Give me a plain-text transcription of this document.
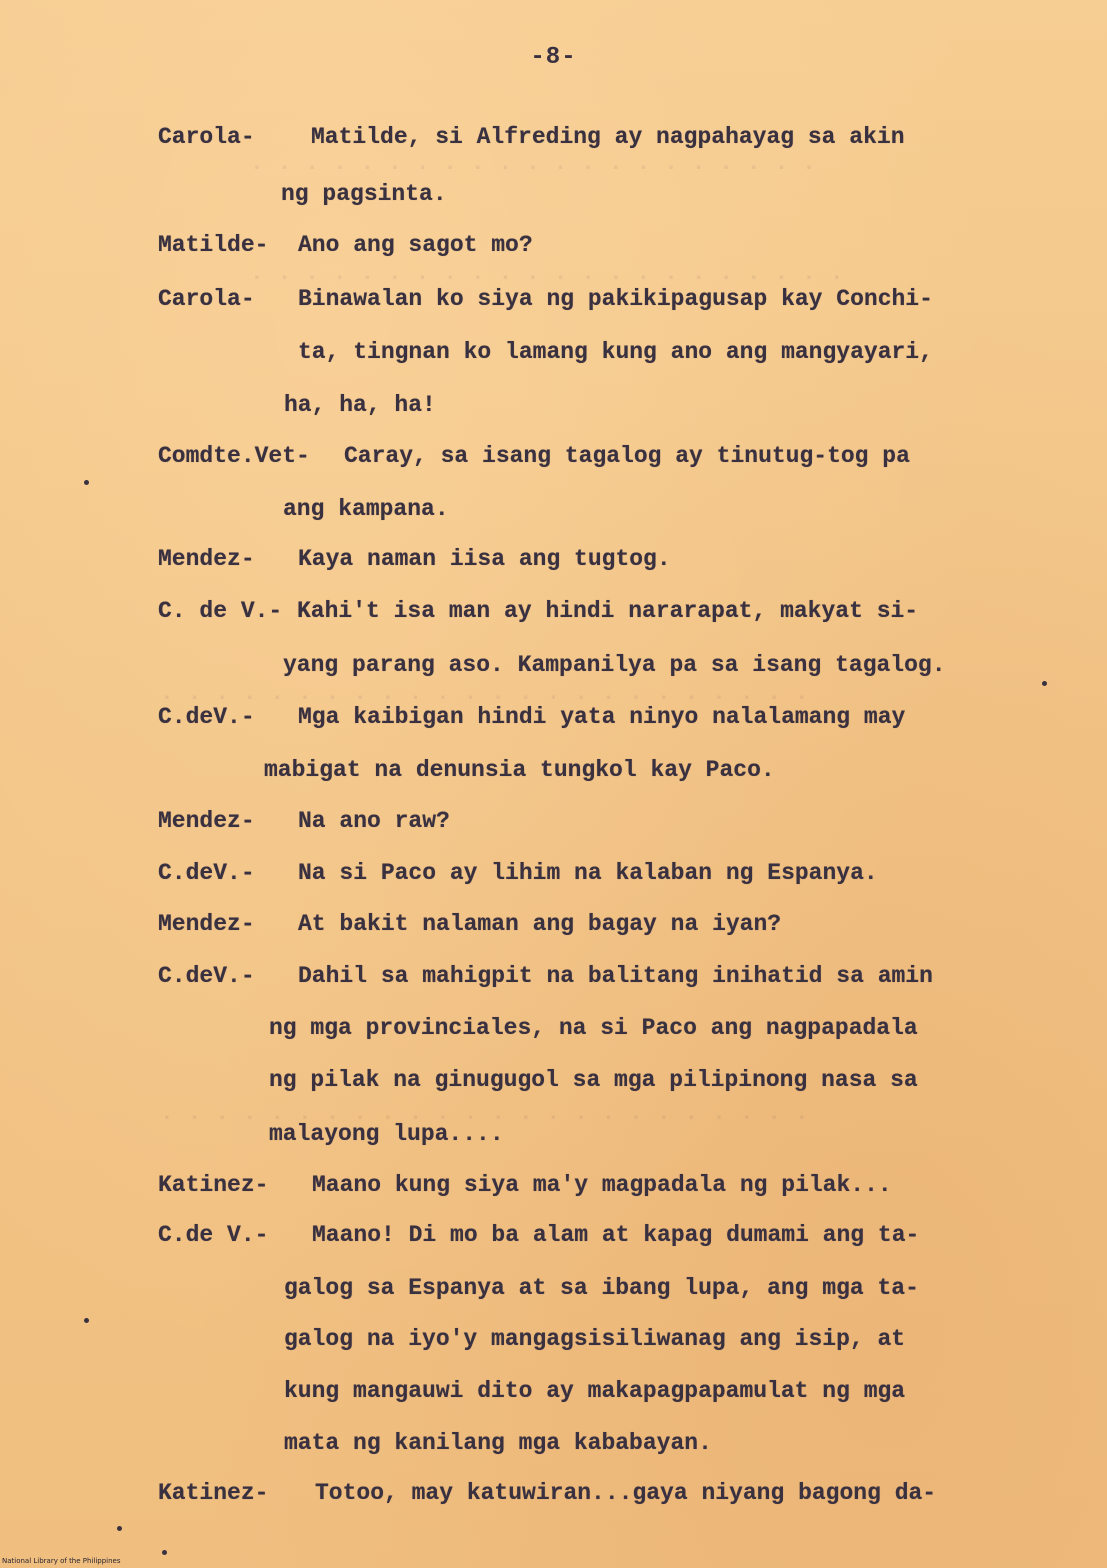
. . . . . . . . . . . . . . . . . . . . .
. . . . . . . . . . . . . . . . . . . . . .
. . . . . . . . . . . . . . . . . . . . . . . .
. . . . . . . . . . . . . . . . . . . . . . . .
-8-
Carola- Matilde, si Alfreding ay nagpahayag sa akin
ng pagsinta.
Matilde- Ano ang sagot mo?
Carola- Binawalan ko siya ng pakikipagusap kay Conchi-
ta, tingnan ko lamang kung ano ang mangyayari,
ha, ha, ha!
Comdte.Vet- Caray, sa isang tagalog ay tinutug-tog pa
ang kampana.
Mendez- Kaya naman iisa ang tugtog.
C. de V.- Kahi't isa man ay hindi nararapat, makyat si-
yang parang aso. Kampanilya pa sa isang tagalog.
C.deV.- Mga kaibigan hindi yata ninyo nalalamang may
mabigat na denunsia tungkol kay Paco.
Mendez- Na ano raw?
C.deV.- Na si Paco ay lihim na kalaban ng Espanya.
Mendez- At bakit nalaman ang bagay na iyan?
C.deV.- Dahil sa mahigpit na balitang inihatid sa amin
ng mga provinciales, na si Paco ang nagpapadala
ng pilak na ginugugol sa mga pilipinong nasa sa
malayong lupa....
Katinez- Maano kung siya ma'y magpadala ng pilak...
C.de V.- Maano! Di mo ba alam at kapag dumami ang ta-
galog sa Espanya at sa ibang lupa, ang mga ta-
galog na iyo'y mangagsisiliwanag ang isip, at
kung mangauwi dito ay makapagpapamulat ng mga
mata ng kanilang mga kababayan.
Katinez- Totoo, may katuwiran...gaya niyang bagong da-
National Library of the Philippines
